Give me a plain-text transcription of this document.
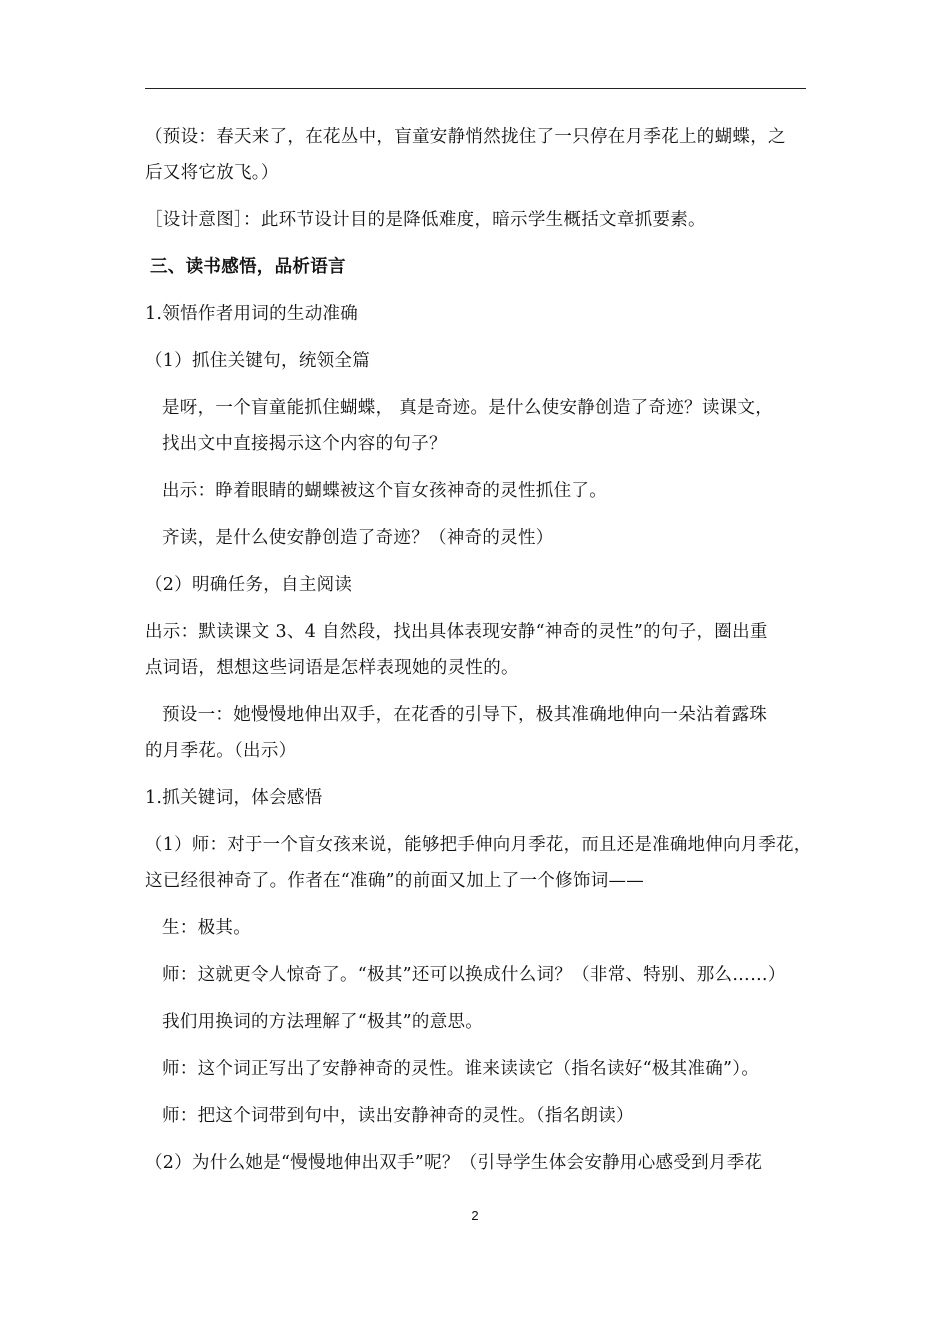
（预设：春天来了，在花丛中，盲童安静悄然拢住了一只停在月季花上的蝴蝶，之
后又将它放飞。）
［设计意图］：此环节设计目的是降低难度，暗示学生概括文章抓要素。
三、读书感悟，品析语言
1.领悟作者用词的生动准确
（1）抓住关键句，统领全篇
是呀，一个盲童能抓住蝴蝶， 真是奇迹。是什么使安静创造了奇迹？读课文，
找出文中直接揭示这个内容的句子？
出示：睁着眼睛的蝴蝶被这个盲女孩神奇的灵性抓住了。
齐读，是什么使安静创造了奇迹？（神奇的灵性）
（2）明确任务，自主阅读
出示：默读课文 3、4 自然段，找出具体表现安静“神奇的灵性”的句子，圈出重
点词语，想想这些词语是怎样表现她的灵性的。
预设一：她慢慢地伸出双手，在花香的引导下，极其准确地伸向一朵沾着露珠
的月季花。（出示）
1.抓关键词，体会感悟
（1）师：对于一个盲女孩来说，能够把手伸向月季花，而且还是准确地伸向月季花，
这已经很神奇了。作者在“准确”的前面又加上了一个修饰词——
生：极其。
师：这就更令人惊奇了。“极其”还可以换成什么词？（非常、特别、那么……）
我们用换词的方法理解了“极其”的意思。
师：这个词正写出了安静神奇的灵性。谁来读读它（指名读好“极其准确”）。
师：把这个词带到句中，读出安静神奇的灵性。（指名朗读）
（2）为什么她是“慢慢地伸出双手”呢？（引导学生体会安静用心感受到月季花
2
